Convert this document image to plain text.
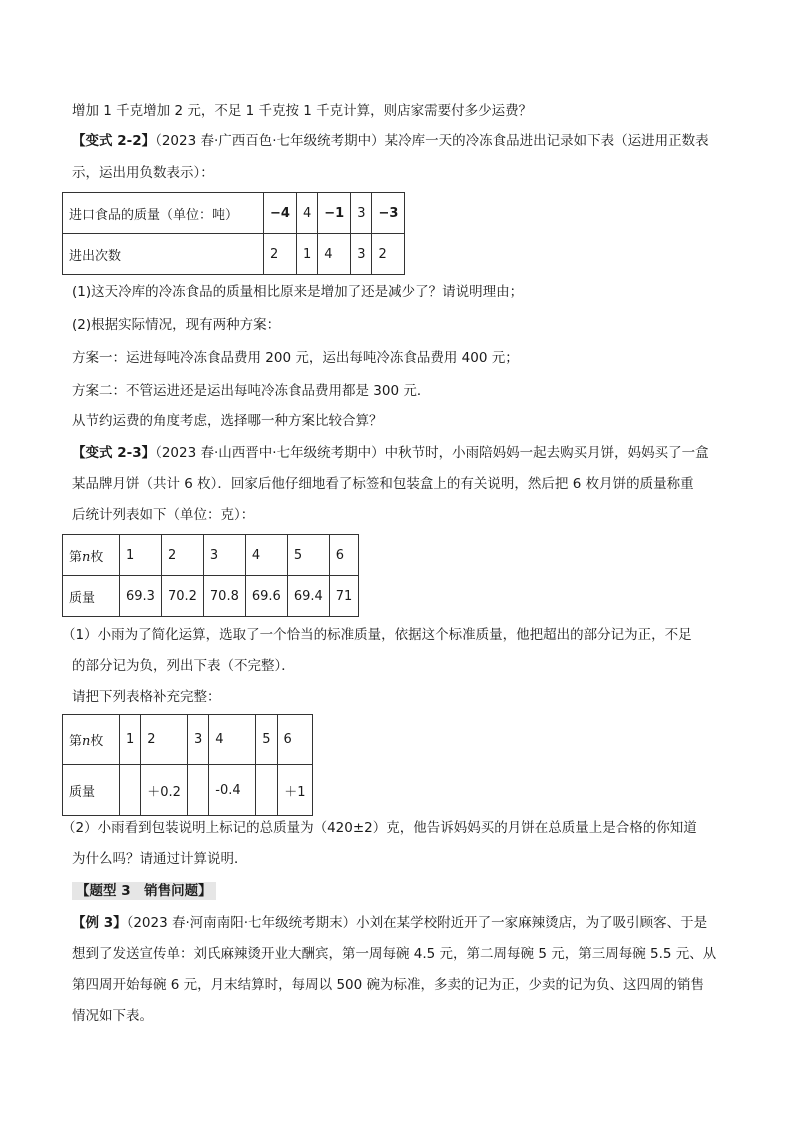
增加 1 千克增加 2 元，不足 1 千克按 1 千克计算，则店家需要付多少运费？
【变式 2-2】（2023 春·广西百色·七年级统考期中）某冷库一天的冷冻食品进出记录如下表（运进用正数表
示，运出用负数表示）：
进口食品的质量（单位：吨）	−4	4	−1	3	−3
进出次数	2	1	4	3	2
(1)这天冷库的冷冻食品的质量相比原来是增加了还是减少了？请说明理由；
(2)根据实际情况，现有两种方案：
方案一：运进每吨冷冻食品费用 200 元，运出每吨冷冻食品费用 400 元；
方案二：不管运进还是运出每吨冷冻食品费用都是 300 元．
从节约运费的角度考虑，选择哪一种方案比较合算？
【变式 2-3】（2023 春·山西晋中·七年级统考期中）中秋节时，小雨陪妈妈一起去购买月饼，妈妈买了一盒
某品牌月饼（共计 6 枚）．回家后他仔细地看了标签和包装盒上的有关说明，然后把 6 枚月饼的质量称重
后统计列表如下（单位：克）：
第n枚	1	2	3	4	5	6
质量	69.3	70.2	70.8	69.6	69.4	71
（1）小雨为了简化运算，选取了一个恰当的标准质量，依据这个标准质量，他把超出的部分记为正，不足
的部分记为负，列出下表（不完整）．
请把下列表格补充完整：
第n枚	1	2	3	4	5	6
质量		＋0.2		-0.4		＋1
（2）小雨看到包装说明上标记的总质量为（420±2）克，他告诉妈妈买的月饼在总质量上是合格的你知道
为什么吗？请通过计算说明．
【题型 3　销售问题】
【例 3】（2023 春·河南南阳·七年级统考期末）小刘在某学校附近开了一家麻辣烫店，为了吸引顾客、于是
想到了发送宣传单：刘氏麻辣烫开业大酬宾，第一周每碗 4.5 元，第二周每碗 5 元，第三周每碗 5.5 元、从
第四周开始每碗 6 元，月末结算时，每周以 500 碗为标准，多卖的记为正，少卖的记为负、这四周的销售
情况如下表。
